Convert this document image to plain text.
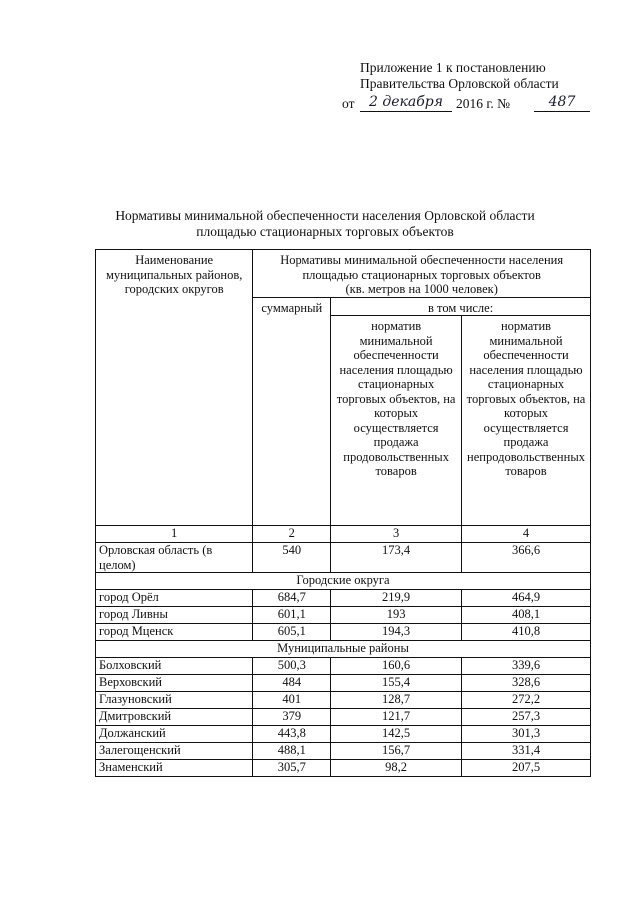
Приложение 1 к постановлению
Правительства Орловской области
от	2 декабря 2016 г. №	487
Нормативы минимальной обеспеченности населения Орловской области
площадью стационарных торговых объектов
Наименование муниципальных районов, городских округов	Нормативы минимальной обеспеченности населения площадью стационарных торговых объектов
(кв. метров на 1000 человек)		

	суммарный	в том числе:	
		норматив минимальной обеспеченности населения площадью стационарных торговых объектов, на которых осуществляется продажа продовольственных товаров	норматив минимальной обеспеченности населения площадью стационарных торговых объектов, на которых осуществляется продажа непродовольственных товаров
1	2	3	4
Орловская область (в целом)	540	173,4	366,6
Городские округа			
город Орёл	684,7	219,9	464,9
город Ливны	601,1	193	408,1
город Мценск	605,1	194,3	410,8
Муниципальные районы			
Болховский	500,3	160,6	339,6
Верховский	484	155,4	328,6
Глазуновский	401	128,7	272,2
Дмитровский	379	121,7	257,3
Должанский	443,8	142,5	301,3
Залегощенский	488,1	156,7	331,4
Знаменский	305,7	98,2	207,5
